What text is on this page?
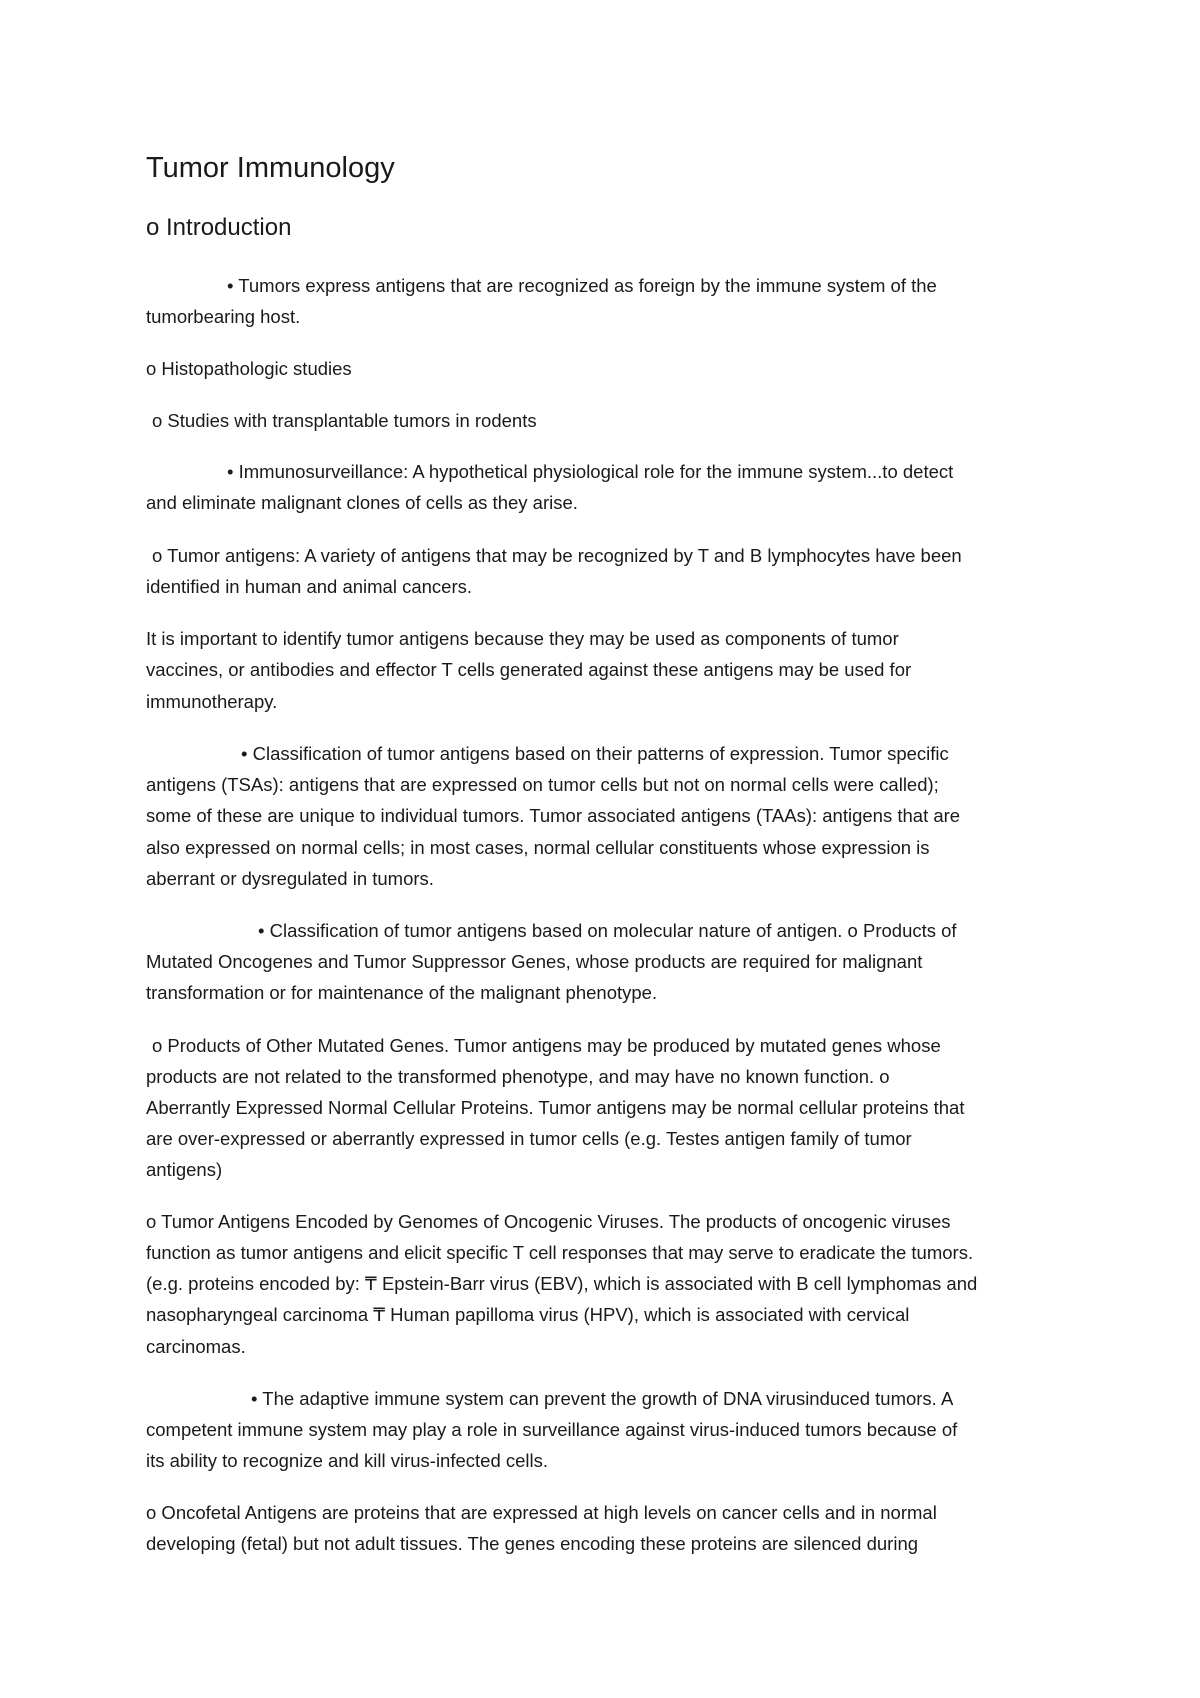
Tumor Immunology
o Introduction

• Tumors express antigens that are recognized as foreign by the immune system of the

tumorbearing host.

o Histopathologic studies

o Studies with transplantable tumors in rodents

• Immunosurveillance: A hypothetical physiological role for the immune system...to detect

and eliminate malignant clones of cells as they arise.

o Tumor antigens: A variety of antigens that may be recognized by T and B lymphocytes have been

identified in human and animal cancers.

It is important to identify tumor antigens because they may be used as components of tumor

vaccines, or antibodies and effector T cells generated against these antigens may be used for

immunotherapy.

• Classification of tumor antigens based on their patterns of expression. Tumor specific

antigens (TSAs): antigens that are expressed on tumor cells but not on normal cells were called);

some of these are unique to individual tumors. Tumor associated antigens (TAAs): antigens that are

also expressed on normal cells; in most cases, normal cellular constituents whose expression is

aberrant or dysregulated in tumors.

• Classification of tumor antigens based on molecular nature of antigen. o Products of

Mutated Oncogenes and Tumor Suppressor Genes, whose products are required for malignant

transformation or for maintenance of the malignant phenotype.

o Products of Other Mutated Genes. Tumor antigens may be produced by mutated genes whose

products are not related to the transformed phenotype, and may have no known function. o

Aberrantly Expressed Normal Cellular Proteins. Tumor antigens may be normal cellular proteins that

are over-expressed or aberrantly expressed in tumor cells (e.g. Testes antigen family of tumor

antigens)

o Tumor Antigens Encoded by Genomes of Oncogenic Viruses. The products of oncogenic viruses

function as tumor antigens and elicit specific T cell responses that may serve to eradicate the tumors.

(e.g. proteins encoded by: ₸ Epstein-Barr virus (EBV), which is associated with B cell lymphomas and

nasopharyngeal carcinoma ₸ Human papilloma virus (HPV), which is associated with cervical

carcinomas.

• The adaptive immune system can prevent the growth of DNA virusinduced tumors. A

competent immune system may play a role in surveillance against virus-induced tumors because of

its ability to recognize and kill virus-infected cells.

o Oncofetal Antigens are proteins that are expressed at high levels on cancer cells and in normal

developing (fetal) but not adult tissues. The genes encoding these proteins are silenced during
